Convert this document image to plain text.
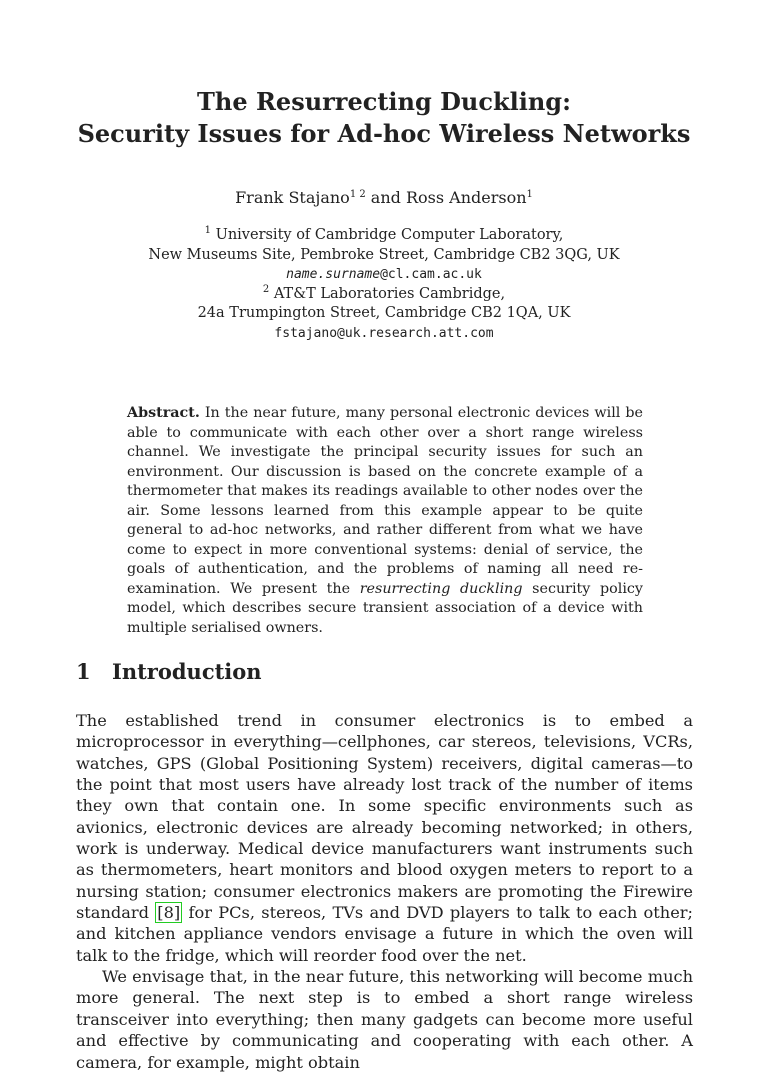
The Resurrecting Duckling:
Security Issues for Ad-hoc Wireless Networks
Frank Stajano$^{1 2}$ and Ross Anderson$^1$
$^1$ University of Cambridge Computer Laboratory,
New Museums Site, Pembroke Street, Cambridge CB2 3QG, UK
name.surname@cl.cam.ac.uk
$^2$ AT&T Laboratories Cambridge,
24a Trumpington Street, Cambridge CB2 1QA, UK
fstajano@uk.research.att.com
Abstract. In the near future, many personal electronic devices will be able to communicate with each other over a short range wireless channel. We investigate the principal security issues for such an environment. Our discussion is based on the concrete example of a thermometer that makes its readings available to other nodes over the air. Some lessons learned from this example appear to be quite general to ad-hoc networks, and rather different from what we have come to expect in more conventional systems: denial of service, the goals of authentication, and the problems of naming all need re-examination. We present the resurrecting duckling security policy model, which describes secure transient association of a device with multiple serialised owners.
1 Introduction

The established trend in consumer electronics is to embed a microprocessor in everything—cellphones, car stereos, televisions, VCRs, watches, GPS (Global Positioning System) receivers, digital cameras—to the point that most users have already lost track of the number of items they own that contain one. In some specific environments such as avionics, electronic devices are already becoming networked; in others, work is underway. Medical device manufacturers want instruments such as thermometers, heart monitors and blood oxygen meters to report to a nursing station; consumer electronics makers are promoting the Firewire standard [8] for PCs, stereos, TVs and DVD players to talk to each other; and kitchen appliance vendors envisage a future in which the oven will talk to the fridge, which will reorder food over the net.

We envisage that, in the near future, this networking will become much more general. The next step is to embed a short range wireless transceiver into everything; then many gadgets can become more useful and effective by communicating and cooperating with each other. A camera, for example, might obtain
